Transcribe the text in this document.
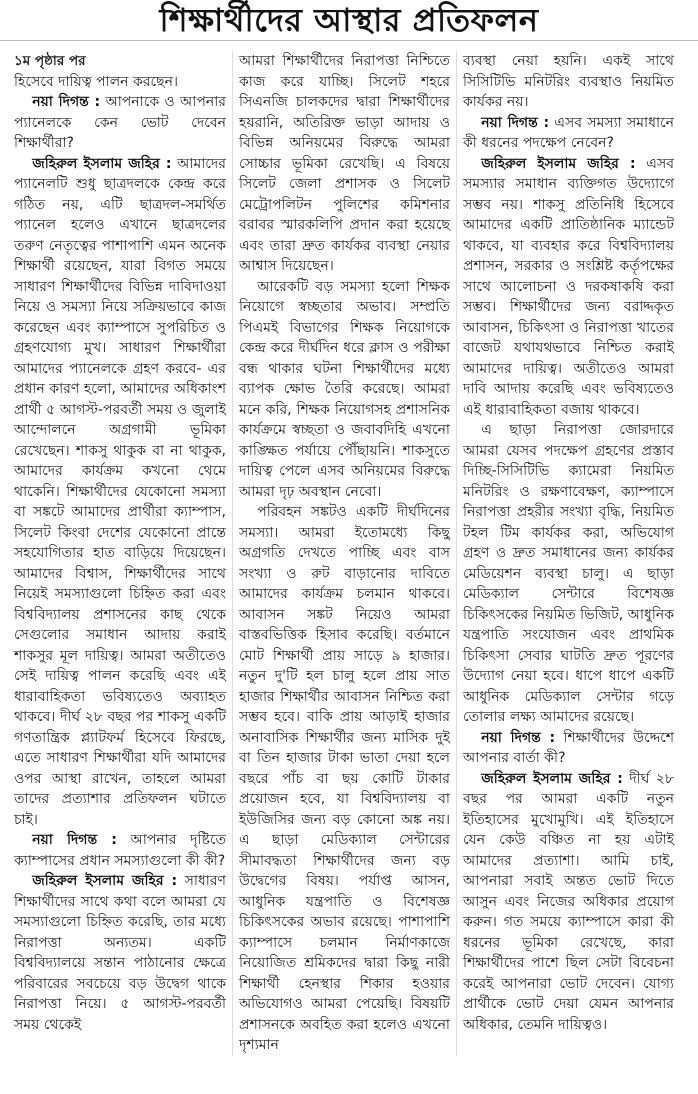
শিক্ষার্থীদের আস্থার প্রতিফলন

১ম পৃষ্ঠার পর

হিসেবে দায়িত্ব পালন করছেন।

নয়া দিগন্ত : আপনাকে ও আপনার প্যানেলকে কেন ভোট দেবেন শিক্ষার্থীরা?

জহিরুল ইসলাম জহির : আমাদের প্যানেলটি শুধু ছাত্রদলকে কেন্দ্র করে গঠিত নয়, এটি ছাত্রদল-সমর্থিত প্যানেল হলেও এখানে ছাত্রদলের তরুণ নেতৃত্বের পাশাপাশি এমন অনেক শিক্ষার্থী রয়েছেন, যারা বিগত সময়ে সাধারণ শিক্ষার্থীদের বিভিন্ন দাবিদাওয়া নিয়ে ও সমস্যা নিয়ে সক্রিয়ভাবে কাজ করেছেন এবং ক্যাম্পাসে সুপরিচিত ও গ্রহণযোগ্য মুখ। সাধারণ শিক্ষার্থীরা আমাদের প্যানেলকে গ্রহণ করবে- এর প্রধান কারণ হলো, আমাদের অধিকাংশ প্রার্থী ৫ আগস্ট-পরবর্তী সময় ও জুলাই আন্দোলনে অগ্রগামী ভূমিকা রেখেছেন। শাকসু থাকুক বা না থাকুক, আমাদের কার্যক্রম কখনো থেমে থাকেনি। শিক্ষার্থীদের যেকোনো সমস্যা বা সঙ্কটে আমাদের প্রার্থীরা ক্যাম্পাস, সিলেট কিংবা দেশের যেকোনো প্রান্তে সহযোগিতার হাত বাড়িয়ে দিয়েছেন। আমাদের বিশ্বাস, শিক্ষার্থীদের সাথে নিয়েই সমস্যাগুলো চিহ্নিত করা এবং বিশ্ববিদ্যালয় প্রশাসনের কাছ থেকে সেগুলোর সমাধান আদায় করাই শাকসুর মূল দায়িত্ব। আমরা অতীতেও সেই দায়িত্ব পালন করেছি এবং এই ধারাবাহিকতা ভবিষ্যতেও অব্যাহত থাকবে। দীর্ঘ ২৮ বছর পর শাকসু একটি গণতান্ত্রিক প্ল্যাটফর্ম হিসেবে ফিরছে, এতে সাধারণ শিক্ষার্থীরা যদি আমাদের ওপর আস্থা রাখেন, তাহলে আমরা তাদের প্রত্যাশার প্রতিফলন ঘটাতে চাই।

নয়া দিগন্ত : আপনার দৃষ্টিতে ক্যাম্পাসের প্রধান সমস্যাগুলো কী কী?

জহিরুল ইসলাম জহির : সাধারণ শিক্ষার্থীদের সাথে কথা বলে আমরা যে সমস্যাগুলো চিহ্নিত করেছি, তার মধ্যে নিরাপত্তা অন্যতম। একটি বিশ্ববিদ্যালয়ে সন্তান পাঠানোর ক্ষেত্রে পরিবারের সবচেয়ে বড় উদ্বেগ থাকে নিরাপত্তা নিয়ে। ৫ আগস্ট-পরবর্তী সময় থেকেই

আমরা শিক্ষার্থীদের নিরাপত্তা নিশ্চিতে কাজ করে যাচ্ছি। সিলেট শহরে সিএনজি চালকদের দ্বারা শিক্ষার্থীদের হয়রানি, অতিরিক্ত ভাড়া আদায় ও বিভিন্ন অনিয়মের বিরুদ্ধে আমরা সোচ্চার ভূমিকা রেখেছি। এ বিষয়ে সিলেট জেলা প্রশাসক ও সিলেট মেট্রোপলিটন পুলিশের কমিশনার বরাবর স্মারকলিপি প্রদান করা হয়েছে এবং তারা দ্রুত কার্যকর ব্যবস্থা নেয়ার আশ্বাস দিয়েছেন।

আরেকটি বড় সমস্যা হলো শিক্ষক নিয়োগে স্বচ্ছতার অভাব। সম্প্রতি পিএমই বিভাগের শিক্ষক নিয়োগকে কেন্দ্র করে দীর্ঘদিন ধরে ক্লাস ও পরীক্ষা বন্ধ থাকার ঘটনা শিক্ষার্থীদের মধ্যে ব্যাপক ক্ষোভ তৈরি করেছে। আমরা মনে করি, শিক্ষক নিয়োগসহ প্রশাসনিক কার্যক্রমে স্বচ্ছতা ও জবাবদিহি এখনো কাঙ্ক্ষিত পর্যায়ে পৌঁছায়নি। শাকসুতে দায়িত্ব পেলে এসব অনিয়মের বিরুদ্ধে আমরা দৃঢ় অবস্থান নেবো।

পরিবহন সঙ্কটও একটি দীর্ঘদিনের সমস্যা। আমরা ইতোমধ্যে কিছু অগ্রগতি দেখতে পাচ্ছি এবং বাস সংখ্যা ও রুট বাড়ানোর দাবিতে আমাদের কার্যক্রম চলমান থাকবে। আবাসন সঙ্কট নিয়েও আমরা বাস্তবভিত্তিক হিসাব করেছি। বর্তমানে মোট শিক্ষার্থী প্রায় সাড়ে ৯ হাজার। নতুন দু'টি হল চালু হলে প্রায় সাত হাজার শিক্ষার্থীর আবাসন নিশ্চিত করা সম্ভব হবে। বাকি প্রায় আড়াই হাজার অনাবাসিক শিক্ষার্থীর জন্য মাসিক দুই বা তিন হাজার টাকা ভাতা দেয়া হলে বছরে পাঁচ বা ছয় কোটি টাকার প্রয়োজন হবে, যা বিশ্ববিদ্যালয় বা ইউজিসির জন্য বড় কোনো অঙ্ক নয়। এ ছাড়া মেডিক্যাল সেন্টারের সীমাবদ্ধতা শিক্ষার্থীদের জন্য বড় উদ্বেগের বিষয়। পর্যাপ্ত আসন, আধুনিক যন্ত্রপাতি ও বিশেষজ্ঞ চিকিৎসকের অভাব রয়েছে। পাশাপাশি ক্যাম্পাসে চলমান নির্মাণকাজে নিয়োজিত শ্রমিকদের দ্বারা কিছু নারী শিক্ষার্থী হেনস্থার শিকার হওয়ার অভিযোগও আমরা পেয়েছি। বিষয়টি প্রশাসনকে অবহিত করা হলেও এখনো দৃশ্যমান

ব্যবস্থা নেয়া হয়নি। একই সাথে সিসিটিভি মনিটরিং ব্যবস্থাও নিয়মিত কার্যকর নয়।

নয়া দিগন্ত : এসব সমস্যা সমাধানে কী ধরনের পদক্ষেপ নেবেন?

জহিরুল ইসলাম জহির : এসব সমস্যার সমাধান ব্যক্তিগত উদ্যোগে সম্ভব নয়। শাকসু প্রতিনিধি হিসেবে আমাদের একটি প্রাতিষ্ঠানিক ম্যান্ডেট থাকবে, যা ব্যবহার করে বিশ্ববিদ্যালয় প্রশাসন, সরকার ও সংশ্লিষ্ট কর্তৃপক্ষের সাথে আলোচনা ও দরকষাকষি করা সম্ভব। শিক্ষার্থীদের জন্য বরাদ্দকৃত আবাসন, চিকিৎসা ও নিরাপত্তা খাতের বাজেট যথাযথভাবে নিশ্চিত করাই আমাদের দায়িত্ব। অতীতেও আমরা দাবি আদায় করেছি এবং ভবিষ্যতেও এই ধারাবাহিকতা বজায় থাকবে।

এ ছাড়া নিরাপত্তা জোরদারে আমরা যেসব পদক্ষেপ গ্রহণের প্রস্তাব দিচ্ছি-সিসিটিভি ক্যামেরা নিয়মিত মনিটরিং ও রক্ষণাবেক্ষণ, ক্যাম্পাসে নিরাপত্তা প্রহরীর সংখ্যা বৃদ্ধি, নিয়মিত টহল টিম কার্যকর করা, অভিযোগ গ্রহণ ও দ্রুত সমাধানের জন্য কার্যকর মেডিয়েশন ব্যবস্থা চালু। এ ছাড়া মেডিক্যাল সেন্টারে বিশেষজ্ঞ চিকিৎসকের নিয়মিত ভিজিট, আধুনিক যন্ত্রপাতি সংযোজন এবং প্রাথমিক চিকিৎসা সেবার ঘাটতি দ্রুত পূরণের উদ্যোগ নেয়া হবে। ধাপে ধাপে একটি আধুনিক মেডিক্যাল সেন্টার গড়ে তোলার লক্ষ্য আমাদের রয়েছে।

নয়া দিগন্ত : শিক্ষার্থীদের উদ্দেশে আপনার বার্তা কী?

জহিরুল ইসলাম জহির : দীর্ঘ ২৮ বছর পর আমরা একটি নতুন ইতিহাসের মুখোমুখি। এই ইতিহাসে যেন কেউ বঞ্চিত না হয় এটাই আমাদের প্রত্যাশা। আমি চাই, আপনারা সবাই অন্তত ভোট দিতে আসুন এবং নিজের অধিকার প্রয়োগ করুন। গত সময়ে ক্যাম্পাসে কারা কী ধরনের ভূমিকা রেখেছে, কারা শিক্ষার্থীদের পাশে ছিল সেটা বিবেচনা করেই আপনারা ভোট দেবেন। যোগ্য প্রার্থীকে ভোট দেয়া যেমন আপনার অধিকার, তেমনি দায়িত্বও।
